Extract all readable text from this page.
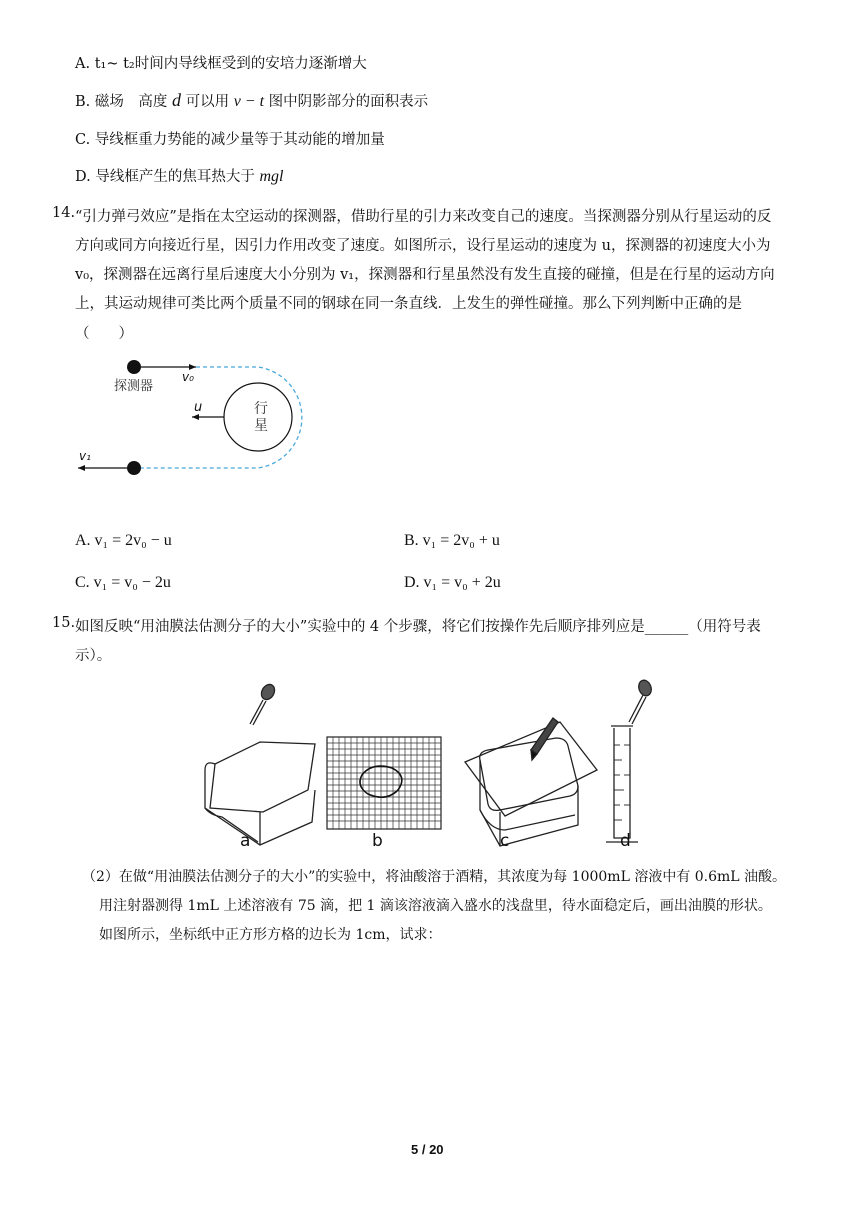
A. t₁~ t₂时间内导线框受到的安培力逐渐增大
B. 磁场　高度 d 可以用 v − t 图中阴影部分的面积表示
C. 导线框重力势能的减少量等于其动能的增加量
D. 导线框产生的焦耳热大于 mgl
14. “引力弹弓效应”是指在太空运动的探测器，借助行星的引力来改变自己的速度。当探测器分别从行星运动的反
方向或同方向接近行星，因引力作用改变了速度。如图所示，设行星运动的速度为 u，探测器的初速度大小为
v₀，探测器在远离行星后速度大小分别为 v₁，探测器和行星虽然没有发生直接的碰撞，但是在行星的运动方向
上，其运动规律可类比两个质量不同的钢球在同一条直线．上发生的弹性碰撞。那么下列判断中正确的是
（　　）
探测器
v₀
行
星
u
v₁
A. v₁ = 2v₀ − u	B. v₁ = 2v₀ + u
C. v₁ = v₀ − 2u	D. v₁ = v₀ + 2u
15. 如图反映“用油膜法估测分子的大小”实验中的 4 个步骤，将它们按操作先后顺序排列应是______（用符号表
示）。
a	b	c	d
（2）在做“用油膜法估测分子的大小”的实验中，将油酸溶于酒精，其浓度为每 1000mL 溶液中有 0.6mL 油酸。
用注射器测得 1mL 上述溶液有 75 滴，把 1 滴该溶液滴入盛水的浅盘里，待水面稳定后，画出油膜的形状。
如图所示，坐标纸中正方形方格的边长为 1cm，试求：
5 / 20
